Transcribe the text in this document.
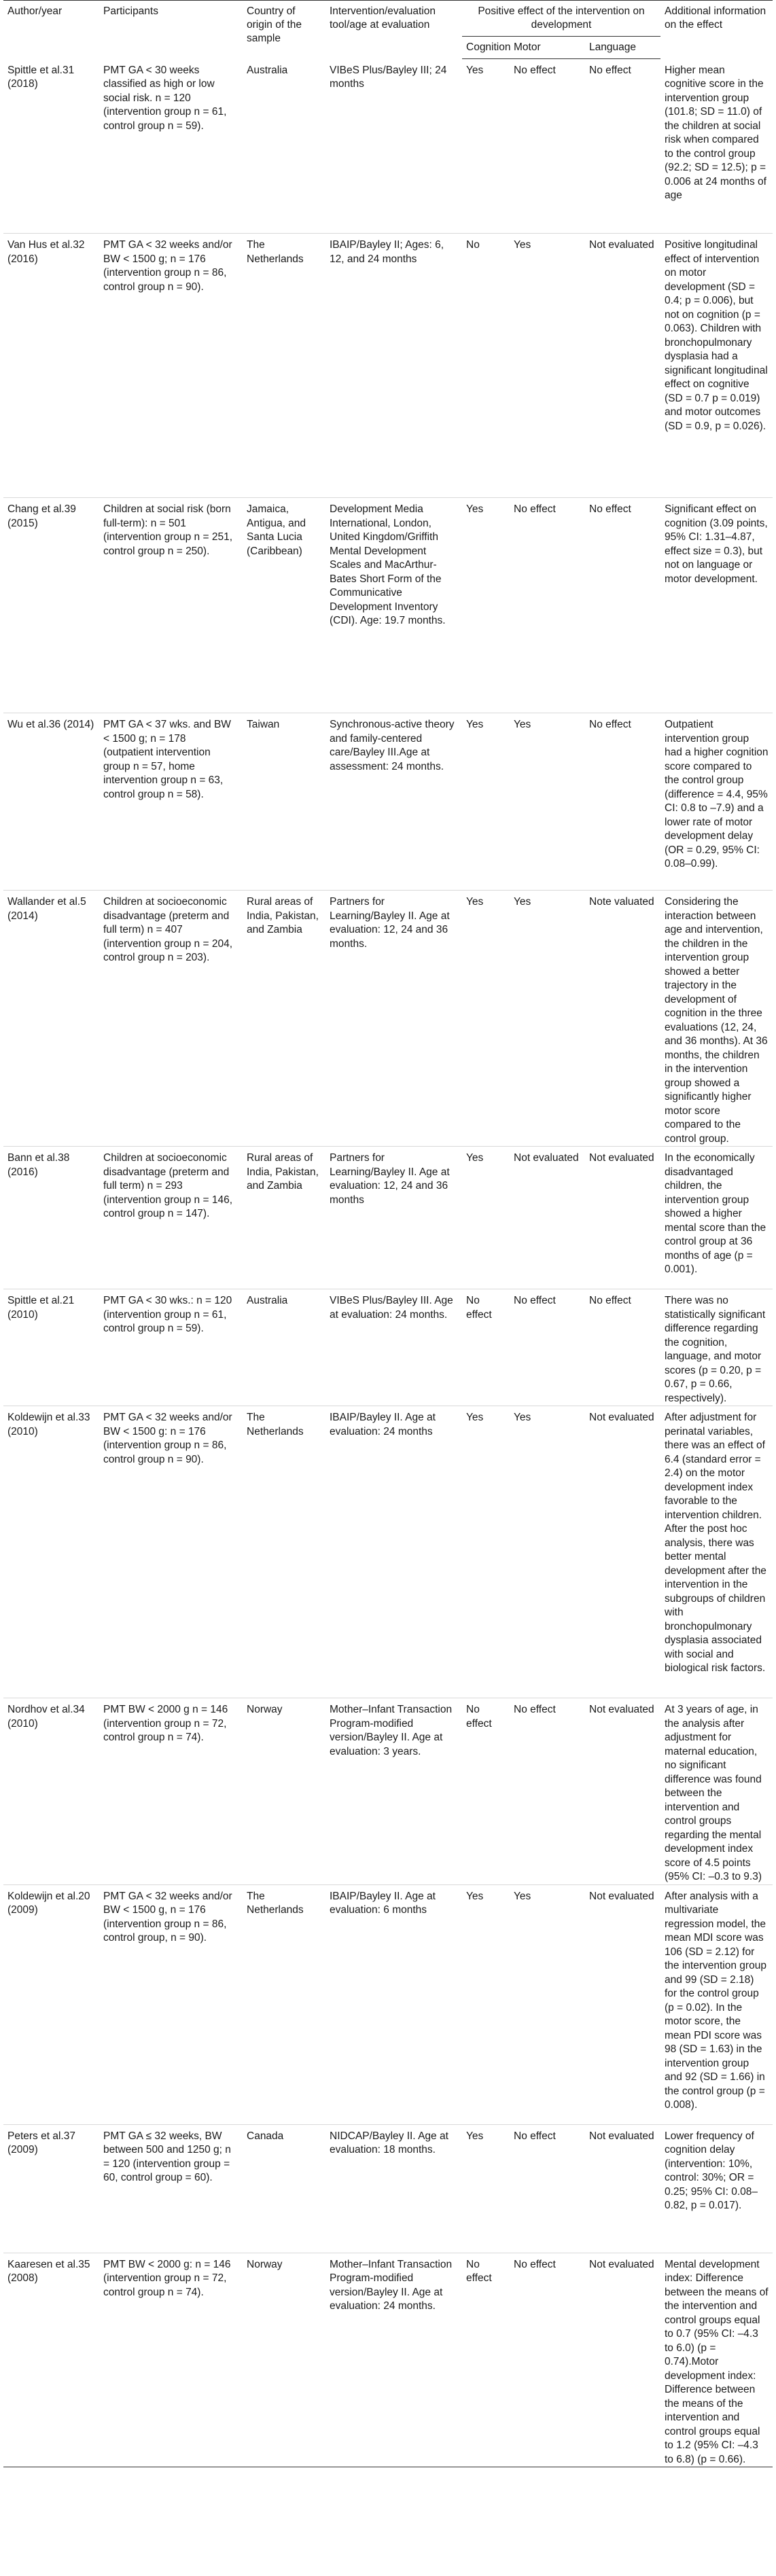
Author/year	Participants	Country of origin of the sample	Intervention/evaluation tool/age at evaluation	Positive effect of the intervention on development			Additional information on the effect
				Cognition	Motor	Language	
Spittle et al.31 (2018)	PMT GA < 30 weeks classified as high or low social risk. n = 120 (intervention group n = 61, control group n = 59).	Australia	VIBeS Plus/Bayley III; 24 months	Yes	No effect	No effect	Higher mean cognitive score in the intervention group (101.8; SD = 11.0) of the children at social risk when compared to the control group (92.2; SD = 12.5); p = 0.006 at 24 months of age
Van Hus et al.32 (2016)	PMT GA < 32 weeks and/or BW < 1500 g; n = 176 (intervention group n = 86, control group n = 90).	The Netherlands	IBAIP/Bayley II; Ages: 6, 12, and 24 months	No	Yes	Not evaluated	Positive longitudinal effect of intervention on motor development (SD = 0.4; p = 0.006), but not on cognition (p = 0.063). Children with bronchopulmonary dysplasia had a significant longitudinal effect on cognitive (SD = 0.7 p = 0.019) and motor outcomes (SD = 0.9, p = 0.026).
Chang et al.39 (2015)	Children at social risk (born full-term): n = 501 (intervention group n = 251, control group n = 250).	Jamaica, Antigua, and Santa Lucia (Caribbean)	Development Media International, London, United Kingdom/Griffith Mental Development Scales and MacArthur-Bates Short Form of the Communicative Development Inventory (CDI). Age: 19.7 months.	Yes	No effect	No effect	Significant effect on cognition (3.09 points, 95% CI: 1.31–4.87, effect size = 0.3), but not on language or motor development.
Wu et al.36 (2014)	PMT GA < 37 wks. and BW < 1500 g; n = 178 (outpatient intervention group n = 57, home intervention group n = 63, control group n = 58).	Taiwan	Synchronous-active theory and family-centered care/Bayley III.Age at assessment: 24 months.	Yes	Yes	No effect	Outpatient intervention group had a higher cognition score compared to the control group (difference = 4.4, 95% CI: 0.8 to –7.9) and a lower rate of motor development delay (OR = 0.29, 95% CI: 0.08–0.99).
Wallander et al.5 (2014)	Children at socioeconomic disadvantage (preterm and full term) n = 407 (intervention group n = 204, control group n = 203).	Rural areas of India, Pakistan, and Zambia	Partners for Learning/Bayley II. Age at evaluation: 12, 24 and 36 months.	Yes	Yes	Note valuated	Considering the interaction between age and intervention, the children in the intervention group showed a better trajectory in the development of cognition in the three evaluations (12, 24, and 36 months). At 36 months, the children in the intervention group showed a significantly higher motor score compared to the control group.
Bann et al.38 (2016)	Children at socioeconomic disadvantage (preterm and full term) n = 293 (intervention group n = 146, control group n = 147).	Rural areas of India, Pakistan, and Zambia	Partners for Learning/Bayley II. Age at evaluation: 12, 24 and 36 months	Yes	Not evaluated	Not evaluated	In the economically disadvantaged children, the intervention group showed a higher mental score than the control group at 36 months of age (p = 0.001).
Spittle et al.21 (2010)	PMT GA < 30 wks.: n = 120 (intervention group n = 61, control group n = 59).	Australia	VIBeS Plus/Bayley III. Age at evaluation: 24 months.	No effect	No effect	No effect	There was no statistically significant difference regarding the cognition, language, and motor scores (p = 0.20, p = 0.67, p = 0.66, respectively).
Koldewijn et al.33 (2010)	PMT GA < 32 weeks and/or BW < 1500 g: n = 176 (intervention group n = 86, control group n = 90).	The Netherlands	IBAIP/Bayley II. Age at evaluation: 24 months	Yes	Yes	Not evaluated	After adjustment for perinatal variables, there was an effect of 6.4 (standard error = 2.4) on the motor development index favorable to the intervention children. After the post hoc analysis, there was better mental development after the intervention in the subgroups of children with bronchopulmonary dysplasia associated with social and biological risk factors.
Nordhov et al.34 (2010)	PMT BW < 2000 g n = 146 (intervention group n = 72, control group n = 74).	Norway	Mother–Infant Transaction Program-modified version/Bayley II. Age at evaluation: 3 years.	No effect	No effect	Not evaluated	At 3 years of age, in the analysis after adjustment for maternal education, no significant difference was found between the intervention and control groups regarding the mental development index score of 4.5 points (95% CI: –0.3 to 9.3)
Koldewijn et al.20 (2009)	PMT GA < 32 weeks and/or BW < 1500 g, n = 176 (intervention group n = 86, control group, n = 90).	The Netherlands	IBAIP/Bayley II. Age at evaluation: 6 months	Yes	Yes	Not evaluated	After analysis with a multivariate regression model, the mean MDI score was 106 (SD = 2.12) for the intervention group and 99 (SD = 2.18) for the control group (p = 0.02). In the motor score, the mean PDI score was 98 (SD = 1.63) in the intervention group and 92 (SD = 1.66) in the control group (p = 0.008).
Peters et al.37 (2009)	PMT GA ≤ 32 weeks, BW between 500 and 1250 g; n = 120 (intervention group = 60, control group = 60).	Canada	NIDCAP/Bayley II. Age at evaluation: 18 months.	Yes	No effect	Not evaluated	Lower frequency of cognition delay (intervention: 10%, control: 30%; OR = 0.25; 95% CI: 0.08–0.82, p = 0.017).
Kaaresen et al.35 (2008)	PMT BW < 2000 g: n = 146 (intervention group n = 72, control group n = 74).	Norway	Mother–Infant Transaction Program-modified version/Bayley II. Age at evaluation: 24 months.	No effect	No effect	Not evaluated	Mental development index: Difference between the means of the intervention and control groups equal to 0.7 (95% CI: –4.3 to 6.0) (p = 0.74).Motor development index: Difference between the means of the intervention and control groups equal to 1.2 (95% CI: –4.3 to 6.8) (p = 0.66).
